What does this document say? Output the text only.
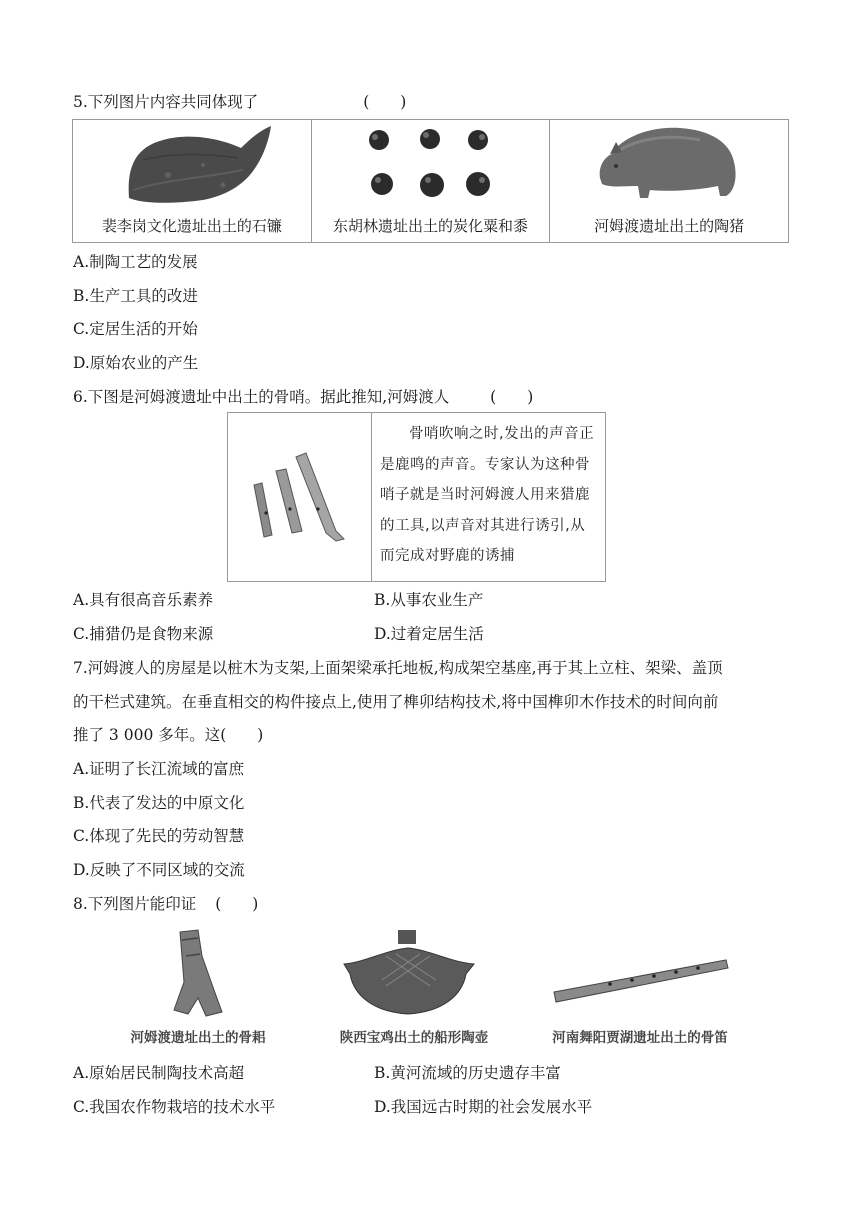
5.下列图片内容共同体现了	(　　)
裴李岗文化遗址出土的石镰	东胡林遗址出土的炭化粟和黍	河姆渡遗址出土的陶猪
A.制陶工艺的发展
B.生产工具的改进
C.定居生活的开始
D.原始农业的产生
6.下图是河姆渡遗址中出土的骨哨。据此推知,河姆渡人	(　　)

骨哨吹响之时,发出的声音正是鹿鸣的声音。专家认为这种骨哨子就是当时河姆渡人用来猎鹿的工具,以声音对其进行诱引,从而完成对野鹿的诱捕

A.具有很高音乐素养	B.从事农业生产
C.捕猎仍是食物来源	D.过着定居生活
7.河姆渡人的房屋是以桩木为支架,上面架梁承托地板,构成架空基座,再于其上立柱、架梁、盖顶
的干栏式建筑。在垂直相交的构件接点上,使用了榫卯结构技术,将中国榫卯木作技术的时间向前
推了 3 000 多年。这(　　)
A.证明了长江流域的富庶
B.代表了发达的中原文化
C.体现了先民的劳动智慧
D.反映了不同区域的交流
8.下列图片能印证 (　　)
河姆渡遗址出土的骨耜	陕西宝鸡出土的船形陶壶	河南舞阳贾湖遗址出土的骨笛
A.原始居民制陶技术高超	B.黄河流域的历史遗存丰富
C.我国农作物栽培的技术水平	D.我国远古时期的社会发展水平
